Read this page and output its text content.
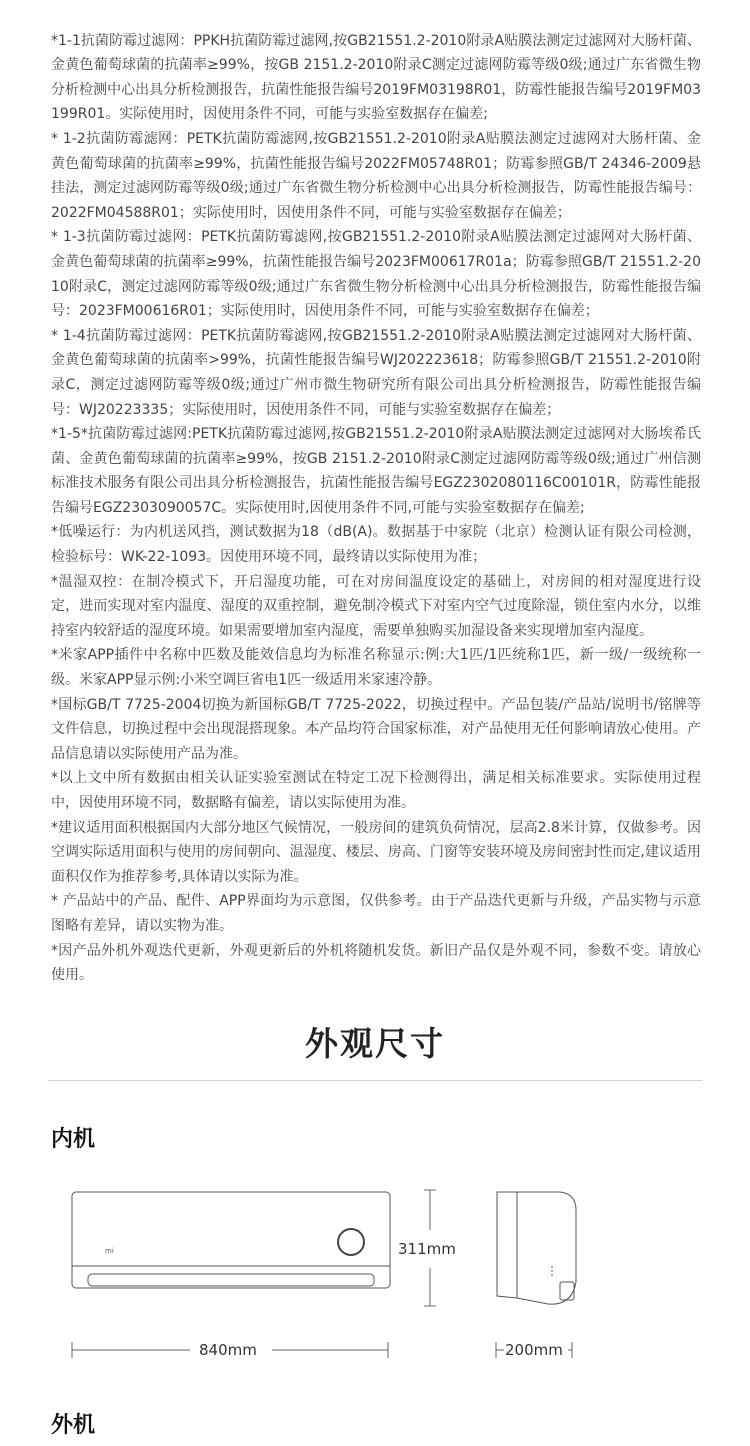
*1-1抗菌防霉过滤网：PPKH抗菌防霉过滤网,按GB21551.2-2010附录A贴膜法测定过滤网对大肠杆菌、金黄色葡萄球菌的抗菌率≥99%，按GB 2151.2-2010附录C测定过滤网防霉等级0级;通过广东省微生物分析检测中心出具分析检测报告，抗菌性能报告编号2019FM03198R01，防霉性能报告编号2019FM03199R01。实际使用时，因使用条件不同，可能与实验室数据存在偏差;
* 1-2抗菌防霉滤网：PETK抗菌防霉滤网,按GB21551.2-2010附录A贴膜法测定过滤网对大肠杆菌、金黄色葡萄球菌的抗菌率≥99%，抗菌性能报告编号2022FM05748R01；防霉参照GB/T 24346-2009悬挂法，测定过滤网防霉等级0级;通过广东省微生物分析检测中心出具分析检测报告，防霉性能报告编号：2022FM04588R01；实际使用时，因使用条件不同，可能与实验室数据存在偏差；
* 1-3抗菌防霉过滤网：PETK抗菌防霉滤网,按GB21551.2-2010附录A贴膜法测定过滤网对大肠杆菌、金黄色葡萄球菌的抗菌率≥99%，抗菌性能报告编号2023FM00617R01a；防霉参照GB/T 21551.2-2010附录C，测定过滤网防霉等级0级;通过广东省微生物分析检测中心出具分析检测报告，防霉性能报告编号：2023FM00616R01；实际使用时，因使用条件不同，可能与实验室数据存在偏差；
* 1-4抗菌防霉过滤网：PETK抗菌防霉滤网,按GB21551.2-2010附录A贴膜法测定过滤网对大肠杆菌、金黄色葡萄球菌的抗菌率>99%，抗菌性能报告编号WJ202223618；防霉参照GB/T 21551.2-2010附录C，测定过滤网防霉等级0级;通过广州市微生物研究所有限公司出具分析检测报告，防霉性能报告编号：WJ20223335；实际使用时，因使用条件不同，可能与实验室数据存在偏差；
*1-5*抗菌防霉过滤网:PETK抗菌防霉过滤网,按GB21551.2-2010附录A贴膜法测定过滤网对大肠埃希氏菌、金黄色葡萄球菌的抗菌率≥99%，按GB 2151.2-2010附录C测定过滤网防霉等级0级;通过广州信测标准技术服务有限公司出具分析检测报告，抗菌性能报告编号EGZ2302080116C00101R，防霉性能报告编号EGZ2303090057C。实际使用时,因使用条件不同,可能与实验室数据存在偏差;
*低噪运行：为内机送风挡，测试数据为18（dB(A)。数据基于中家院（北京）检测认证有限公司检测，检验标号：WK-22-1093。因使用环境不同，最终请以实际使用为准；
*温湿双控：在制冷模式下，开启湿度功能，可在对房间温度设定的基础上，对房间的相对湿度进行设定，进而实现对室内温度、湿度的双重控制，避免制冷模式下对室内空气过度除湿，锁住室内水分，以维持室内较舒适的湿度环境。如果需要增加室内湿度，需要单独购买加湿设备来实现增加室内湿度。
*米家APP插件中名称中匹数及能效信息均为标准名称显示:例:大1匹/1匹统称1匹，新一级/一级统称一级。米家APP显示例:小米空调巨省电1匹一级适用米家速冷静。
*国标GB/T 7725-2004切换为新国标GB/T 7725-2022，切换过程中。产品包装/产品站/说明书/铭牌等文件信息，切换过程中会出现混搭现象。本产品均符合国家标准，对产品使用无任何影响请放心使用。产品信息请以实际使用产品为准。
*以上文中所有数据由相关认证实验室测试在特定工况下检测得出，满足相关标准要求。实际使用过程中，因使用环境不同，数据略有偏差，请以实际使用为准。
*建议适用面积根据国内大部分地区气候情况，一般房间的建筑负荷情况，层高2.8米计算，仅做参考。因空调实际适用面积与使用的房间朝向、温湿度、楼层、房高、门窗等安装环境及房间密封性而定,建议适用面积仅作为推荐参考,具体请以实际为准。
* 产品站中的产品、配件、APP界面均为示意图，仅供参考。由于产品迭代更新与升级，产品实物与示意图略有差异，请以实物为准。
*因产品外机外观迭代更新，外观更新后的外机将随机发货。新旧产品仅是外观不同，参数不变。请放心使用。
外观尺寸
内机
mi	311mm
840mm	200mm
外机
